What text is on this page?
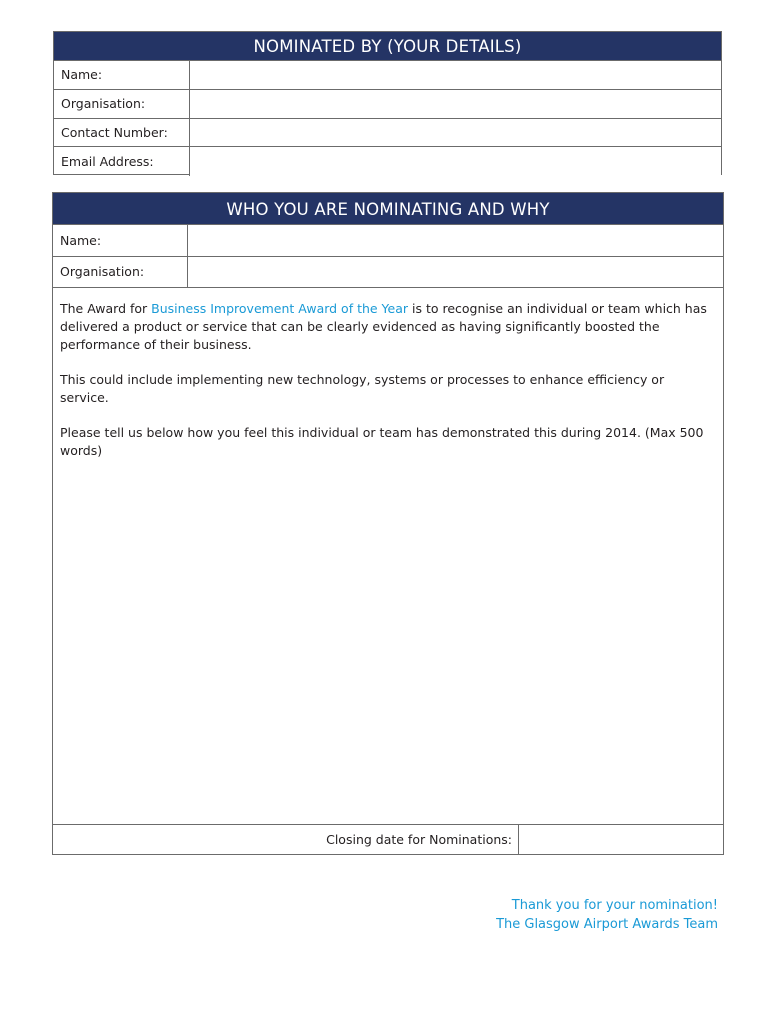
NOMINATED BY (YOUR DETAILS)
Name:
Organisation:
Contact Number:
Email Address:
WHO YOU ARE NOMINATING AND WHY
Name:
Organisation:

The Award for Business Improvement Award of the Year is to recognise an individual or team which has delivered a product or service that can be clearly evidenced as having significantly boosted the performance of their business.

This could include implementing new technology, systems or processes to enhance efficiency or service.

Please tell us below how you feel this individual or team has demonstrated this during 2014. (Max 500 words)

Closing date for Nominations:
Thank you for your nomination!
The Glasgow Airport Awards Team
